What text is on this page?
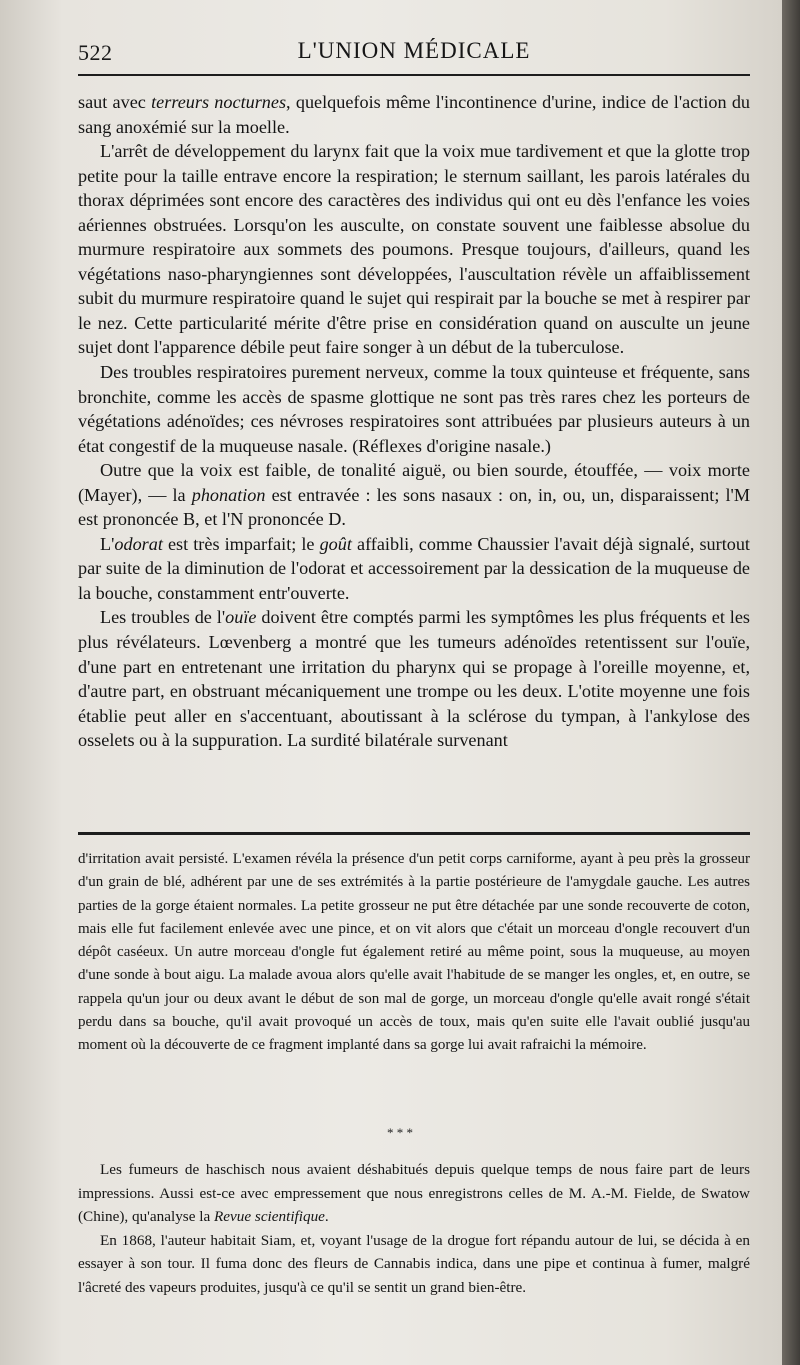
522	L'UNION MÉDICALE

saut avec terreurs nocturnes, quelquefois même l'incontinence d'urine, indice de l'action du sang anoxémié sur la moelle.

L'arrêt de développement du larynx fait que la voix mue tardivement et que la glotte trop petite pour la taille entrave encore la respiration; le sternum saillant, les parois latérales du thorax déprimées sont encore des caractères des individus qui ont eu dès l'enfance les voies aériennes obstruées. Lorsqu'on les ausculte, on constate souvent une faiblesse absolue du murmure respiratoire aux sommets des poumons. Presque toujours, d'ailleurs, quand les végétations naso-pharyngiennes sont développées, l'auscultation révèle un affaiblissement subit du murmure respiratoire quand le sujet qui respirait par la bouche se met à respirer par le nez. Cette particularité mérite d'être prise en considération quand on ausculte un jeune sujet dont l'apparence débile peut faire songer à un début de la tuberculose.

Des troubles respiratoires purement nerveux, comme la toux quinteuse et fréquente, sans bronchite, comme les accès de spasme glottique ne sont pas très rares chez les porteurs de végétations adénoïdes; ces névroses respiratoires sont attribuées par plusieurs auteurs à un état congestif de la muqueuse nasale. (Réflexes d'origine nasale.)

Outre que la voix est faible, de tonalité aiguë, ou bien sourde, étouffée, — voix morte (Mayer), — la phonation est entravée : les sons nasaux : on, in, ou, un, disparaissent; l'M est prononcée B, et l'N prononcée D.

L'odorat est très imparfait; le goût affaibli, comme Chaussier l'avait déjà signalé, surtout par suite de la diminution de l'odorat et accessoirement par la dessication de la muqueuse de la bouche, constamment entr'ouverte.

Les troubles de l'ouïe doivent être comptés parmi les symptômes les plus fréquents et les plus révélateurs. Lœvenberg a montré que les tumeurs adénoïdes retentissent sur l'ouïe, d'une part en entretenant une irritation du pharynx qui se propage à l'oreille moyenne, et, d'autre part, en obstruant mécaniquement une trompe ou les deux. L'otite moyenne une fois établie peut aller en s'accentuant, aboutissant à la sclérose du tympan, à l'ankylose des osselets ou à la suppuration. La surdité bilatérale survenant

d'irritation avait persisté. L'examen révéla la présence d'un petit corps carniforme, ayant à peu près la grosseur d'un grain de blé, adhérent par une de ses extrémités à la partie postérieure de l'amygdale gauche. Les autres parties de la gorge étaient normales. La petite grosseur ne put être détachée par une sonde recouverte de coton, mais elle fut facilement enlevée avec une pince, et on vit alors que c'était un morceau d'ongle recouvert d'un dépôt caséeux. Un autre morceau d'ongle fut également retiré au même point, sous la muqueuse, au moyen d'une sonde à bout aigu. La malade avoua alors qu'elle avait l'habitude de se manger les ongles, et, en outre, se rappela qu'un jour ou deux avant le début de son mal de gorge, un morceau d'ongle qu'elle avait rongé s'était perdu dans sa bouche, qu'il avait provoqué un accès de toux, mais qu'en suite elle l'avait oublié jusqu'au moment où la découverte de ce fragment implanté dans sa gorge lui avait rafraichi la mémoire.

* * *

Les fumeurs de haschisch nous avaient déshabitués depuis quelque temps de nous faire part de leurs impressions. Aussi est-ce avec empressement que nous enregistrons celles de M. A.-M. Fielde, de Swatow (Chine), qu'analyse la Revue scientifique.

En 1868, l'auteur habitait Siam, et, voyant l'usage de la drogue fort répandu autour de lui, se décida à en essayer à son tour. Il fuma donc des fleurs de Cannabis indica, dans une pipe et continua à fumer, malgré l'âcreté des vapeurs produites, jusqu'à ce qu'il se sentit un grand bien-être.
